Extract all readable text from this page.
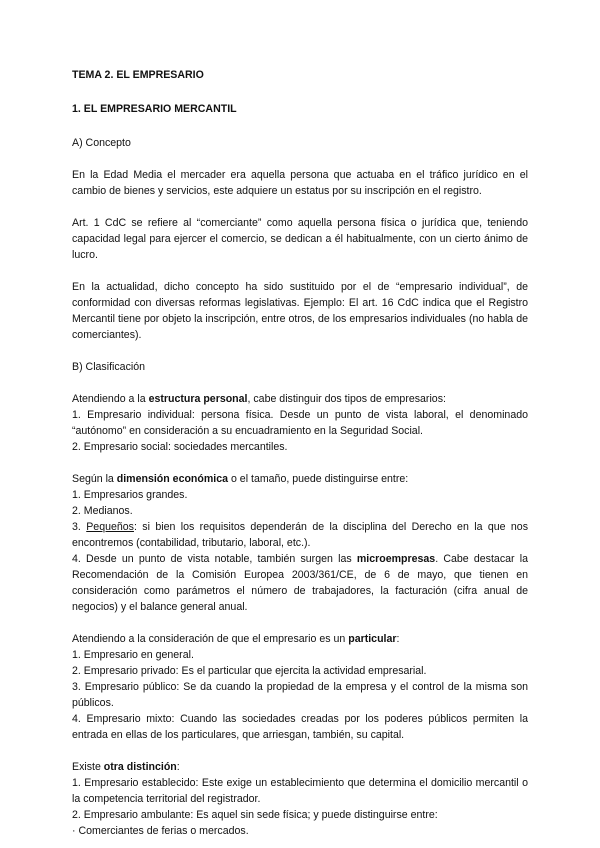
TEMA 2. EL EMPRESARIO

1. EL EMPRESARIO MERCANTIL

A) Concepto

En la Edad Media el mercader era aquella persona que actuaba en el tráfico jurídico en el cambio de bienes y servicios, este adquiere un estatus por su inscripción en el registro.

Art. 1 CdC se refiere al “comerciante” como aquella persona física o jurídica que, teniendo capacidad legal para ejercer el comercio, se dedican a él habitualmente, con un cierto ánimo de lucro.

En la actualidad, dicho concepto ha sido sustituido por el de “empresario individual”, de conformidad con diversas reformas legislativas. Ejemplo: El art. 16 CdC indica que el Registro Mercantil tiene por objeto la inscripción, entre otros, de los empresarios individuales (no habla de comerciantes).

B) Clasificación

Atendiendo a la estructura personal, cabe distinguir dos tipos de empresarios:

1. Empresario individual: persona física. Desde un punto de vista laboral, el denominado “autónomo” en consideración a su encuadramiento en la Seguridad Social.

2. Empresario social: sociedades mercantiles.

Según la dimensión económica o el tamaño, puede distinguirse entre:

1. Empresarios grandes.

2. Medianos.

3. Pequeños: si bien los requisitos dependerán de la disciplina del Derecho en la que nos encontremos (contabilidad, tributario, laboral, etc.).

4. Desde un punto de vista notable, también surgen las microempresas. Cabe destacar la Recomendación de la Comisión Europea 2003/361/CE, de 6 de mayo, que tienen en consideración como parámetros el número de trabajadores, la facturación (cifra anual de negocios) y el balance general anual.

Atendiendo a la consideración de que el empresario es un particular:

1. Empresario en general.

2. Empresario privado: Es el particular que ejercita la actividad empresarial.

3. Empresario público: Se da cuando la propiedad de la empresa y el control de la misma son públicos.

4. Empresario mixto: Cuando las sociedades creadas por los poderes públicos permiten la entrada en ellas de los particulares, que arriesgan, también, su capital.

Existe otra distinción:

1. Empresario establecido: Este exige un establecimiento que determina el domicilio mercantil o la competencia territorial del registrador.

2. Empresario ambulante: Es aquel sin sede física; y puede distinguirse entre:

· Comerciantes de ferias o mercados.
